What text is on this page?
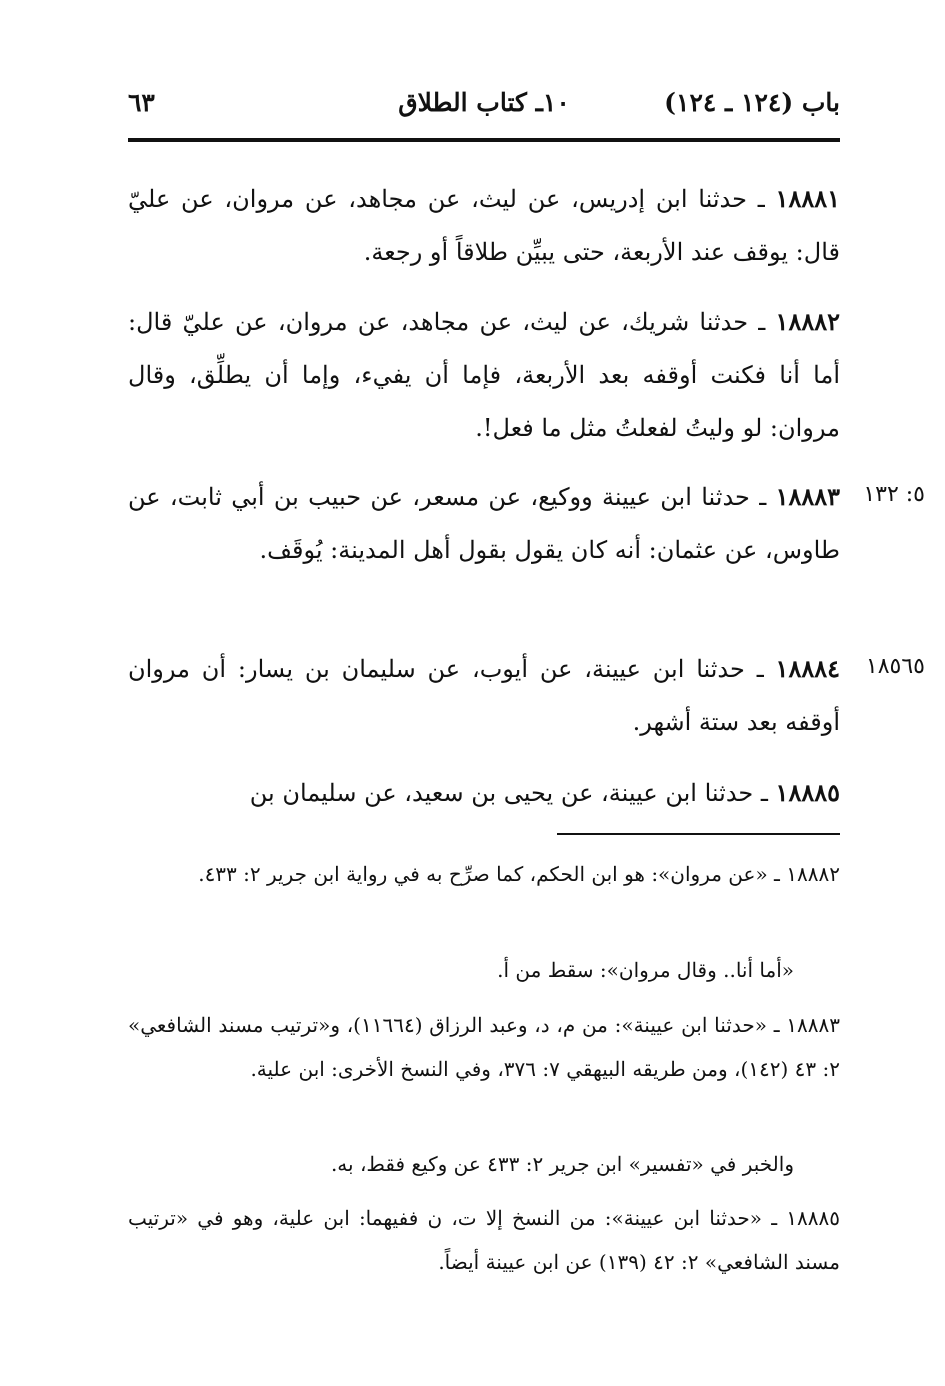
باب (١٢٤ ـ ١٢٤)
١٠ـ كتاب الطلاق
٦٣
١٨٨٨١ ـ حدثنا ابن إدريس، عن ليث، عن مجاهد، عن مروان، عن عليّ قال: يوقف عند الأربعة، حتى يبيِّن طلاقاً أو رجعة.
١٨٨٨٢ ـ حدثنا شريك، عن ليث، عن مجاهد، عن مروان، عن عليّ قال: أما أنا فكنت أوقفه بعد الأربعة، فإما أن يفيء، وإما أن يطلِّق، وقال مروان: لو وليتُ لفعلتُ مثل ما فعل!.
٥: ١٣٢
١٨٨٨٣ ـ حدثنا ابن عيينة ووكيع، عن مسعر، عن حبيب بن أبي ثابت، عن طاوس، عن عثمان: أنه كان يقول بقول أهل المدينة: يُوقَف.
١٨٥٦٥
١٨٨٨٤ ـ حدثنا ابن عيينة، عن أيوب، عن سليمان بن يسار: أن مروان أوقفه بعد ستة أشهر.
١٨٨٨٥ ـ حدثنا ابن عيينة، عن يحيى بن سعيد، عن سليمان بن
١٨٨٨٢ ـ «عن مروان»: هو ابن الحكم، كما صرِّح به في رواية ابن جرير ٢: ٤٣٣.
«أما أنا.. وقال مروان»: سقط من أ.
١٨٨٨٣ ـ «حدثنا ابن عيينة»: من م، د، وعبد الرزاق (١١٦٦٤)، و«ترتيب مسند الشافعي» ٢: ٤٣ (١٤٢)، ومن طريقه البيهقي ٧: ٣٧٦، وفي النسخ الأخرى: ابن علية.
والخبر في «تفسير» ابن جرير ٢: ٤٣٣ عن وكيع فقط، به.
١٨٨٨٥ ـ «حدثنا ابن عيينة»: من النسخ إلا ت، ن ففيهما: ابن علية، وهو في «ترتيب مسند الشافعي» ٢: ٤٢ (١٣٩) عن ابن عيينة أيضاً.
